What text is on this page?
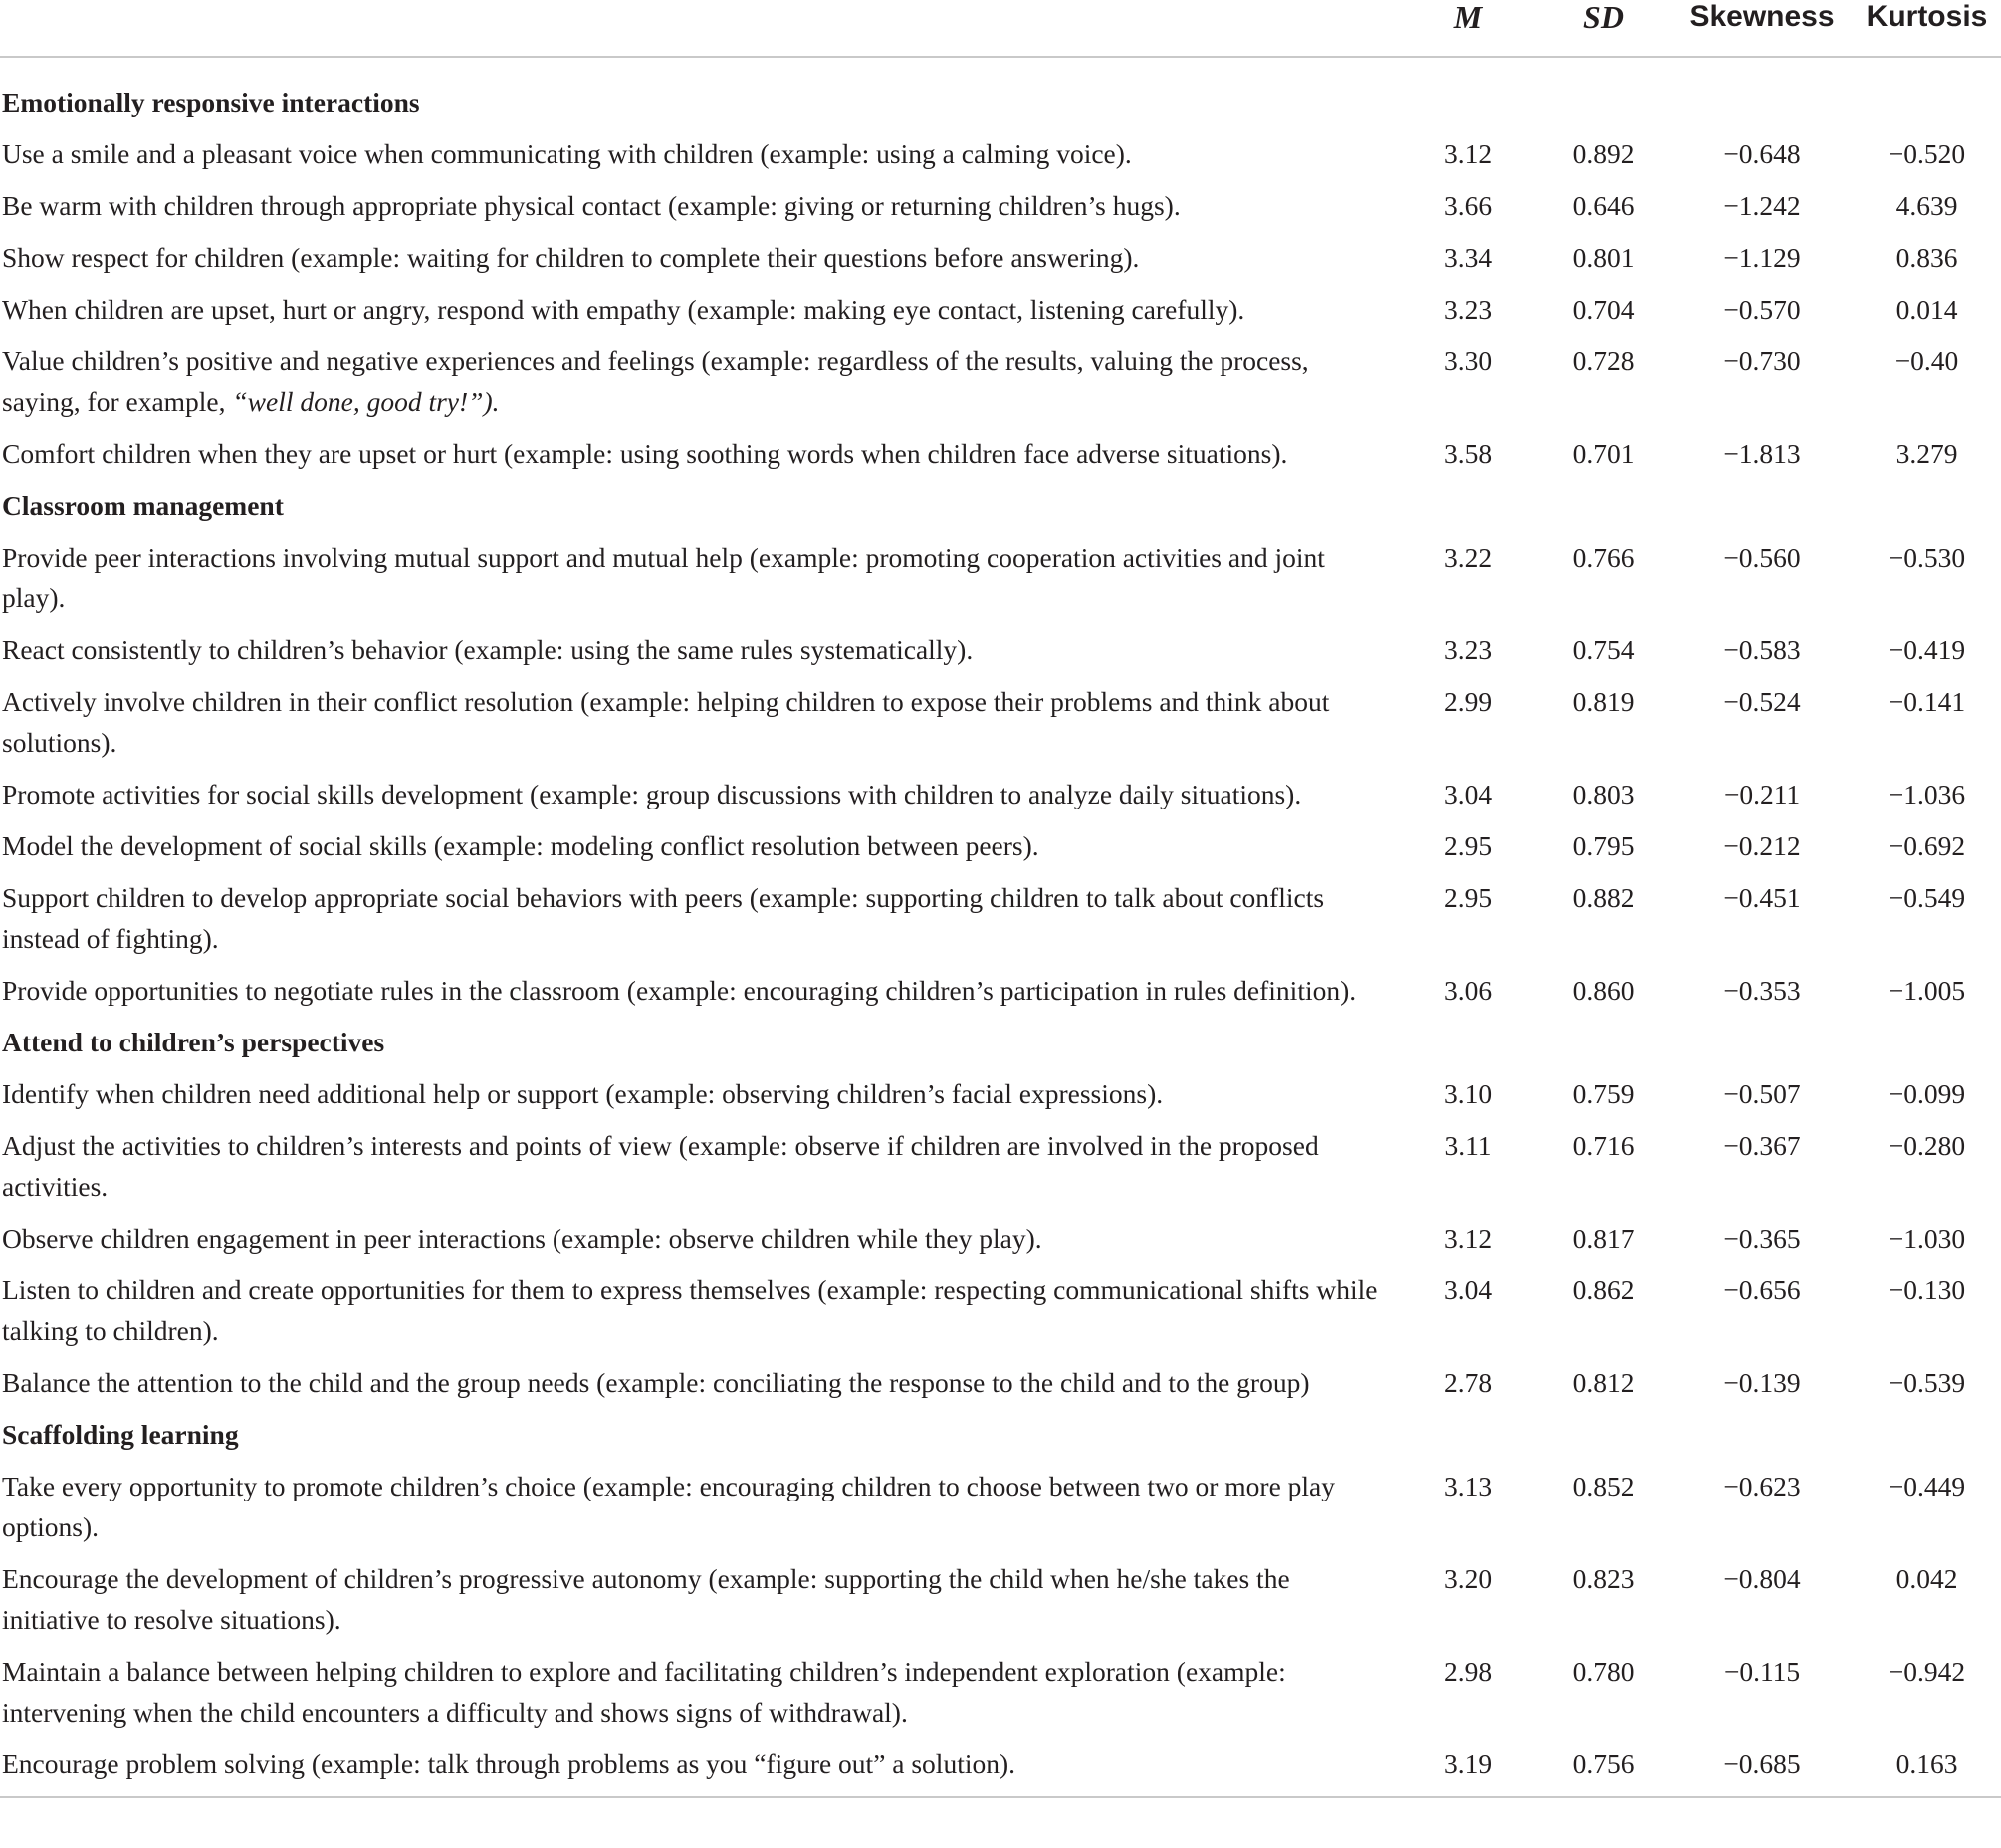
	M	SD	Skewness	Kurtosis
Emotionally responsive interactions				
Use a smile and a pleasant voice when communicating with children (example: using a calming voice).	3.12	0.892	−0.648	−0.520
Be warm with children through appropriate physical contact (example: giving or returning children’s hugs).	3.66	0.646	−1.242	4.639
Show respect for children (example: waiting for children to complete their questions before answering).	3.34	0.801	−1.129	0.836
When children are upset, hurt or angry, respond with empathy (example: making eye contact, listening carefully).	3.23	0.704	−0.570	0.014
Value children’s positive and negative experiences and feelings (example: regardless of the results, valuing the process, saying, for example, “well done, good try!”).	3.30	0.728	−0.730	−0.40
Comfort children when they are upset or hurt (example: using soothing words when children face adverse situations).	3.58	0.701	−1.813	3.279
Classroom management				
Provide peer interactions involving mutual support and mutual help (example: promoting cooperation activities and joint play).	3.22	0.766	−0.560	−0.530
React consistently to children’s behavior (example: using the same rules systematically).	3.23	0.754	−0.583	−0.419
Actively involve children in their conflict resolution (example: helping children to expose their problems and think about solutions).	2.99	0.819	−0.524	−0.141
Promote activities for social skills development (example: group discussions with children to analyze daily situations).	3.04	0.803	−0.211	−1.036
Model the development of social skills (example: modeling conflict resolution between peers).	2.95	0.795	−0.212	−0.692
Support children to develop appropriate social behaviors with peers (example: supporting children to talk about conflicts instead of fighting).	2.95	0.882	−0.451	−0.549
Provide opportunities to negotiate rules in the classroom (example: encouraging children’s participation in rules definition).	3.06	0.860	−0.353	−1.005
Attend to children’s perspectives				
Identify when children need additional help or support (example: observing children’s facial expressions).	3.10	0.759	−0.507	−0.099
Adjust the activities to children’s interests and points of view (example: observe if children are involved in the proposed activities.	3.11	0.716	−0.367	−0.280
Observe children engagement in peer interactions (example: observe children while they play).	3.12	0.817	−0.365	−1.030
Listen to children and create opportunities for them to express themselves (example: respecting communicational shifts while talking to children).	3.04	0.862	−0.656	−0.130
Balance the attention to the child and the group needs (example: conciliating the response to the child and to the group)	2.78	0.812	−0.139	−0.539
Scaffolding learning				
Take every opportunity to promote children’s choice (example: encouraging children to choose between two or more play options).	3.13	0.852	−0.623	−0.449
Encourage the development of children’s progressive autonomy (example: supporting the child when he/she takes the initiative to resolve situations).	3.20	0.823	−0.804	0.042
Maintain a balance between helping children to explore and facilitating children’s independent exploration (example: intervening when the child encounters a difficulty and shows signs of withdrawal).	2.98	0.780	−0.115	−0.942
Encourage problem solving (example: talk through problems as you “figure out” a solution).	3.19	0.756	−0.685	0.163
